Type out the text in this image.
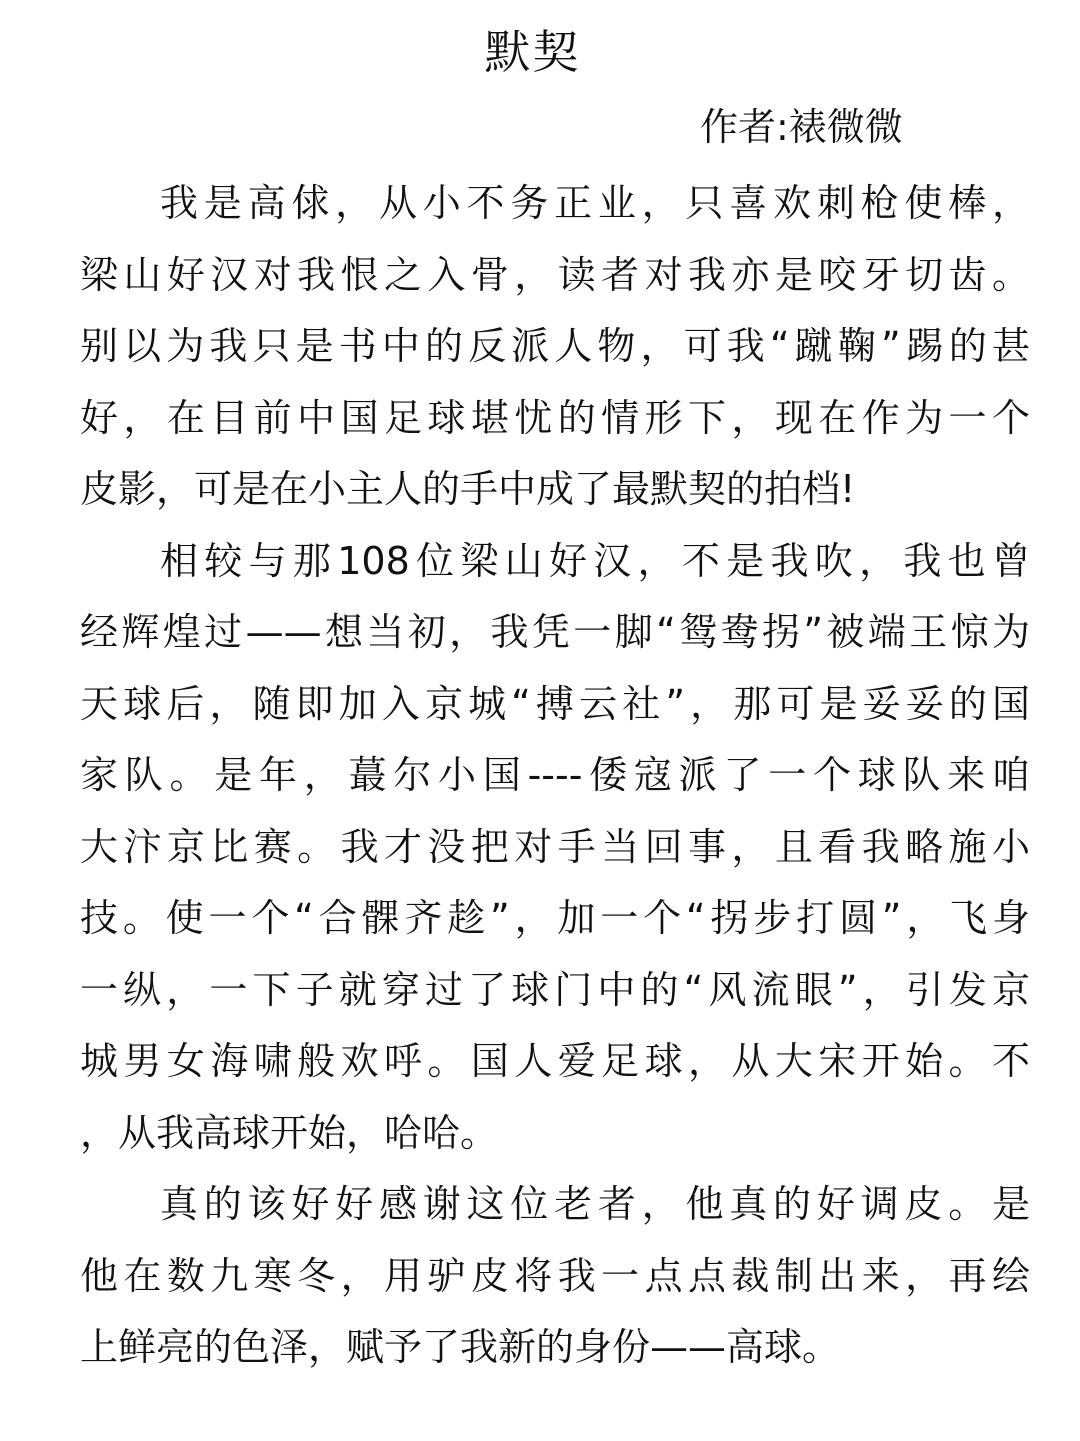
默契
作者:裱微微
我是高俅，从小不务正业，只喜欢刺枪使棒，
梁山好汉对我恨之入骨，读者对我亦是咬牙切齿。
别以为我只是书中的反派人物，可我“蹴鞠”踢的甚
好，在目前中国足球堪忧的情形下，现在作为一个
皮影，可是在小主人的手中成了最默契的拍档!
相较与那108位梁山好汉，不是我吹，我也曾
经辉煌过——想当初，我凭一脚“鸳鸯拐”被端王惊为
天球后，随即加入京城“搏云社”，那可是妥妥的国
家队。是年，蕞尔小国----倭寇派了一个球队来咱
大汴京比赛。我才没把对手当回事，且看我略施小
技。使一个“合髁齐趁”，加一个“拐步打圆”，飞身
一纵，一下子就穿过了球门中的“风流眼”，引发京
城男女海啸般欢呼。国人爱足球，从大宋开始。不
，从我高球开始，哈哈。
真的该好好感谢这位老者，他真的好调皮。是
他在数九寒冬，用驴皮将我一点点裁制出来，再绘
上鲜亮的色泽，赋予了我新的身份——高球。
